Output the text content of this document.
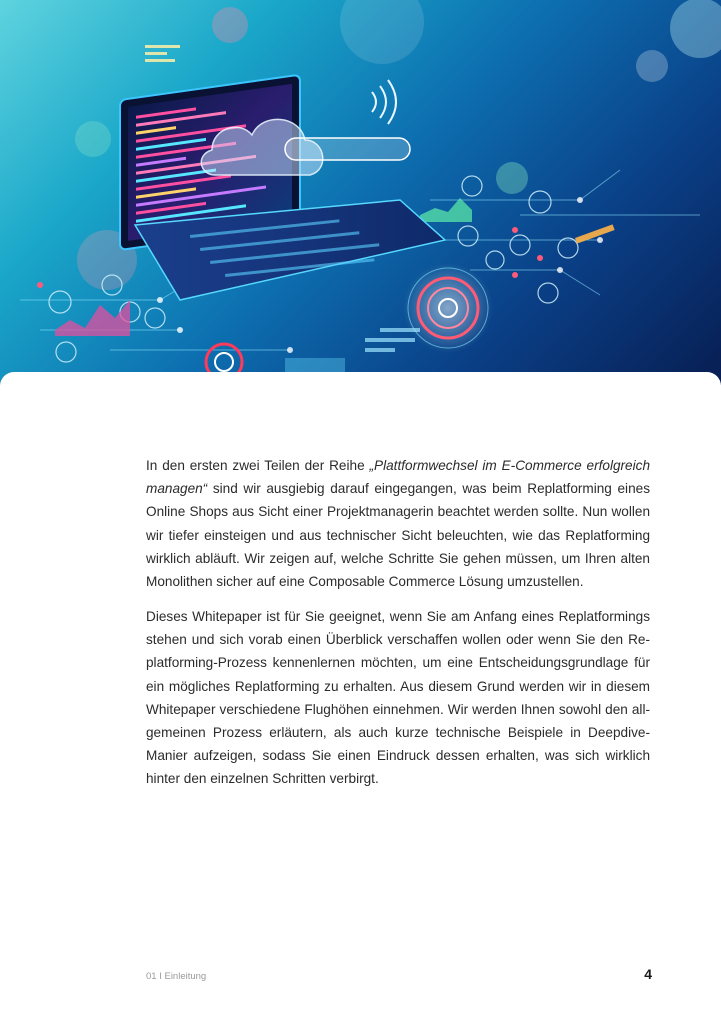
In den ersten zwei Teilen der Reihe „Plattformwechsel im E-Commerce erfolgreich managen“ sind wir ausgiebig darauf eingegangen, was beim Replatforming eines Online Shops aus Sicht einer Projektmanagerin beachtet werden sollte. Nun wollen wir tiefer einsteigen und aus technischer Sicht beleuchten, wie das Replatforming wirklich abläuft. Wir zeigen auf, welche Schritte Sie gehen müssen, um Ihren alten Monolithen sicher auf eine Composable Commerce Lösung umzustellen.

Dieses Whitepaper ist für Sie geeignet, wenn Sie am Anfang eines Replatformings stehen und sich vorab einen Überblick verschaffen wollen oder wenn Sie den Replatforming-Prozess kennenlernen möchten, um eine Entscheidungsgrundlage für ein mögliches Replatforming zu erhalten. Aus diesem Grund werden wir in diesem Whitepaper verschiedene Flughöhen einnehmen. Wir werden Ihnen sowohl den allgemeinen Prozess erläutern, als auch kurze technische Beispiele in Deepdive-Manier aufzeigen, sodass Sie einen Eindruck dessen erhalten, was sich wirklich hinter den einzelnen Schritten verbirgt.

01 I Einleitung	4
